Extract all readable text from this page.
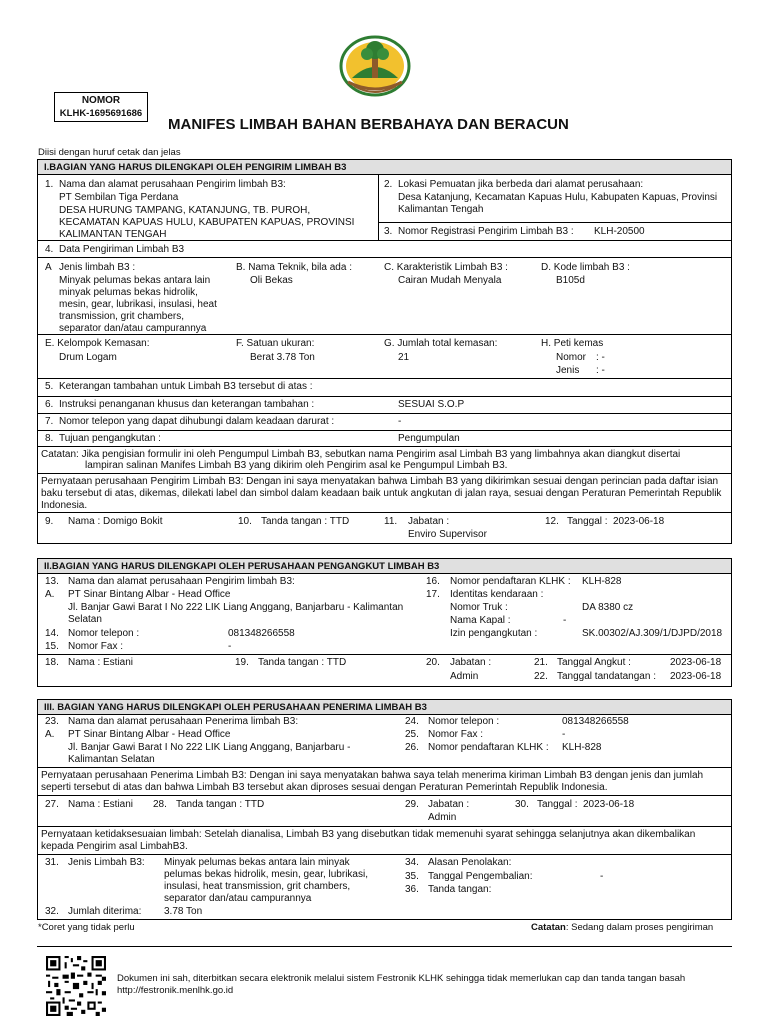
NOMOR
KLHK-1695691686
MANIFES LIMBAH BAHAN BERBAHAYA DAN BERACUN
Diisi dengan huruf cetak dan jelas
I.BAGIAN YANG HARUS DILENGKAPI OLEH PENGIRIM LIMBAH B3
1. Nama dan alamat perusahaan Pengirim limbah B3:
PT Sembilan Tiga Perdana
DESA HURUNG TAMPANG, KATANJUNG, TB. PUROH, KECAMATAN KAPUAS HULU, KABUPATEN KAPUAS, PROVINSI KALIMANTAN TENGAH
2. Lokasi Pemuatan jika berbeda dari alamat perusahaan:
Desa Katanjung, Kecamatan Kapuas Hulu, Kabupaten Kapuas, Provinsi Kalimantan Tengah
3. Nomor Registrasi Pengirim Limbah B3 : KLH-20500
4. Data Pengiriman Limbah B3
A Jenis limbah B3 :
Minyak pelumas bekas antara lain minyak pelumas bekas hidrolik, mesin, gear, lubrikasi, insulasi, heat transmission, grit chambers, separator dan/atau campurannya
B. Nama Teknik, bila ada :
Oli Bekas
C. Karakteristik Limbah B3 :
Cairan Mudah Menyala
D. Kode limbah B3 :
B105d
E. Kelompok Kemasan:
Drum Logam
F. Satuan ukuran:
Berat 3.78 Ton
G. Jumlah total kemasan:
21
H. Peti kemas
Nomor : -
Jenis : -
5. Keterangan tambahan untuk Limbah B3 tersebut di atas :
6. Instruksi penanganan khusus dan keterangan tambahan :	SESUAI S.O.P
7. Nomor telepon yang dapat dihubungi dalam keadaan darurat :	-
8. Tujuan pengangkutan :	Pengumpulan
Catatan: Jika pengisian formulir ini oleh Pengumpul Limbah B3, sebutkan nama Pengirim asal Limbah B3 yang limbahnya akan diangkut disertai
lampiran salinan Manifes Limbah B3 yang dikirim oleh Pengirim asal ke Pengumpul Limbah B3.
Pernyataan perusahaan Pengirim Limbah B3: Dengan ini saya menyatakan bahwa Limbah B3 yang dikirimkan sesuai dengan perincian pada daftar isian baku tersebut di atas, dikemas, dilekati label dan simbol dalam keadaan baik untuk angkutan di jalan raya, sesuai dengan Peraturan Pemerintah Republik Indonesia.
9. Nama : Domigo Bokit	10. Tanda tangan : TTD	11. Jabatan :
Enviro Supervisor
12. Tanggal : 2023-06-18
II.BAGIAN YANG HARUS DILENGKAPI OLEH PERUSAHAAN PENGANGKUT LIMBAH B3
13. Nama dan alamat perusahaan Pengirim limbah B3:
A. PT Sinar Bintang Albar - Head Office
Jl. Banjar Gawi Barat I No 222 LIK Liang Anggang, Banjarbaru - Kalimantan Selatan
14. Nomor telepon :	081348266558
15. Nomor Fax :	-
16. Nomor pendaftaran KLHK : KLH-828
17. Identitas kendaraan :
Nomor Truk :	DA 8380 cz
Nama Kapal :	-
Izin pengangkutan :	SK.00302/AJ.309/1/DJPD/2018
18. Nama : Estiani	19. Tanda tangan : TTD	20. Jabatan :
Admin
21. Tanggal Angkut :	2023-06-18
22. Tanggal tandatangan : 2023-06-18
III. BAGIAN YANG HARUS DILENGKAPI OLEH PERUSAHAAN PENERIMA LIMBAH B3
23. Nama dan alamat perusahaan Penerima limbah B3:
A. PT Sinar Bintang Albar - Head Office
Jl. Banjar Gawi Barat I No 222 LIK Liang Anggang, Banjarbaru - Kalimantan Selatan
24. Nomor telepon :	081348266558
25. Nomor Fax :	-
26. Nomor pendaftaran KLHK : KLH-828
Pernyataan perusahaan Penerima Limbah B3: Dengan ini saya menyatakan bahwa saya telah menerima kiriman Limbah B3 dengan jenis dan jumlah seperti tersebut di atas dan bahwa Limbah B3 tersebut akan diproses sesuai dengan Peraturan Pemerintah Republik Indonesia.
27. Nama : Estiani 28. Tanda tangan : TTD	29. Jabatan :
Admin
30. Tanggal : 2023-06-18
Pernyataan ketidaksesuaian limbah: Setelah dianalisa, Limbah B3 yang disebutkan tidak memenuhi syarat sehingga selanjutnya akan dikembalikan kepada Pengirim asal LimbahB3.
31. Jenis Limbah B3: Minyak pelumas bekas antara lain minyak pelumas bekas hidrolik, mesin, gear, lubrikasi, insulasi, heat transmission, grit chambers, separator dan/atau campurannya
32. Jumlah diterima: 3.78 Ton
34. Alasan Penolakan:
35. Tanggal Pengembalian:	-
36. Tanda tangan:
*Coret yang tidak perlu	Catatan: Sedang dalam proses pengiriman
Dokumen ini sah, diterbitkan secara elektronik melalui sistem Festronik KLHK sehingga tidak memerlukan cap dan tanda tangan basah http://festronik.menlhk.go.id
